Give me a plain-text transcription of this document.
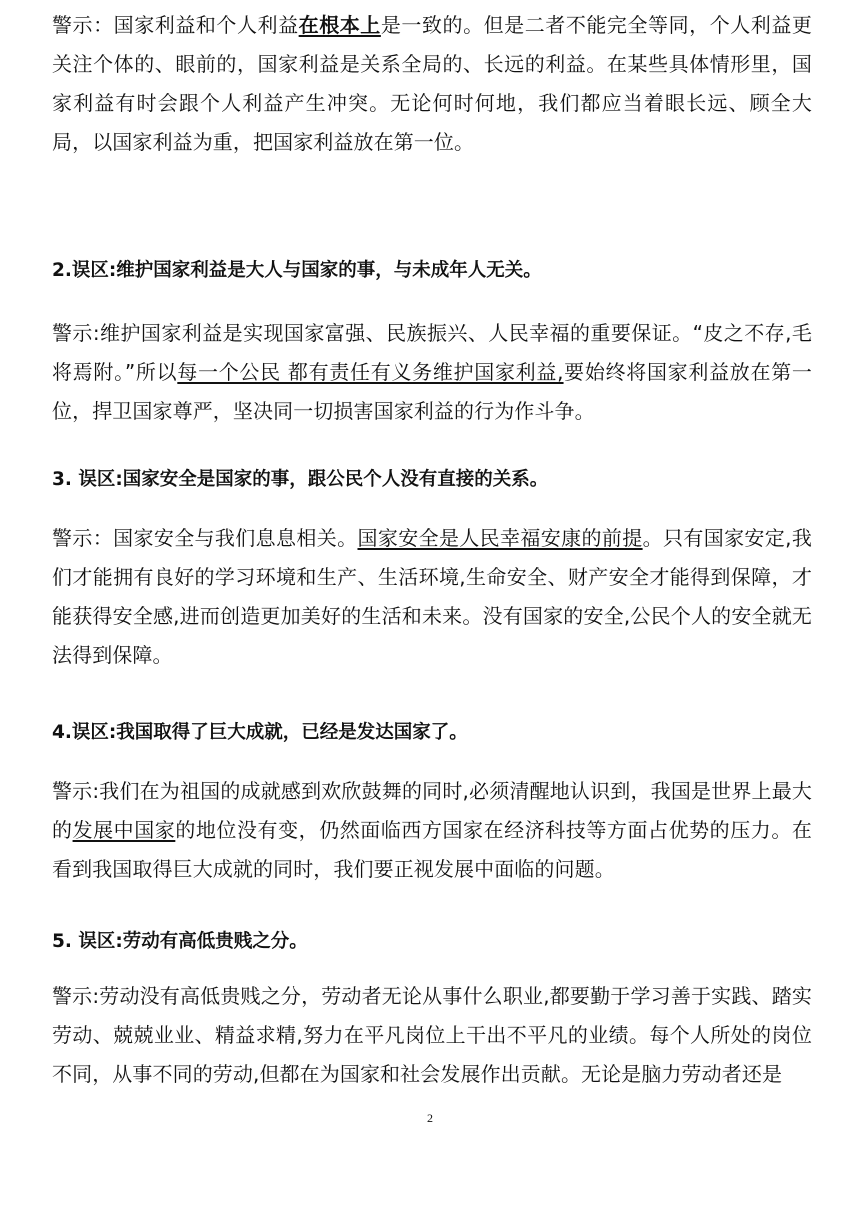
警示：国家利益和个人利益在根本上是一致的。但是二者不能完全等同，个人利益更关注个体的、眼前的，国家利益是关系全局的、长远的利益。在某些具体情形里，国家利益有时会跟个人利益产生冲突。无论何时何地，我们都应当着眼长远、顾全大局，以国家利益为重，把国家利益放在第一位。

2.误区:维护国家利益是大人与国家的事，与未成年人无关。

警示:维护国家利益是实现国家富强、民族振兴、人民幸福的重要保证。“皮之不存,毛将焉附。”所以每一个公民 都有责任有义务维护国家利益,要始终将国家利益放在第一位，捍卫国家尊严，坚决同一切损害国家利益的行为作斗争。

3. 误区:国家安全是国家的事，跟公民个人没有直接的关系。

警示：国家安全与我们息息相关。国家安全是人民幸福安康的前提。只有国家安定,我们才能拥有良好的学习环境和生产、生活环境,生命安全、财产安全才能得到保障，才能获得安全感,进而创造更加美好的生活和未来。没有国家的安全,公民个人的安全就无法得到保障。

4.误区:我国取得了巨大成就，已经是发达国家了。

警示:我们在为祖国的成就感到欢欣鼓舞的同时,必须清醒地认识到，我国是世界上最大的发展中国家的地位没有变，仍然面临西方国家在经济科技等方面占优势的压力。在看到我国取得巨大成就的同时，我们要正视发展中面临的问题。

5. 误区:劳动有高低贵贱之分。

警示:劳动没有高低贵贱之分，劳动者无论从事什么职业,都要勤于学习善于实践、踏实劳动、兢兢业业、精益求精,努力在平凡岗位上干出不平凡的业绩。每个人所处的岗位不同，从事不同的劳动,但都在为国家和社会发展作出贡献。无论是脑力劳动者还是

2
